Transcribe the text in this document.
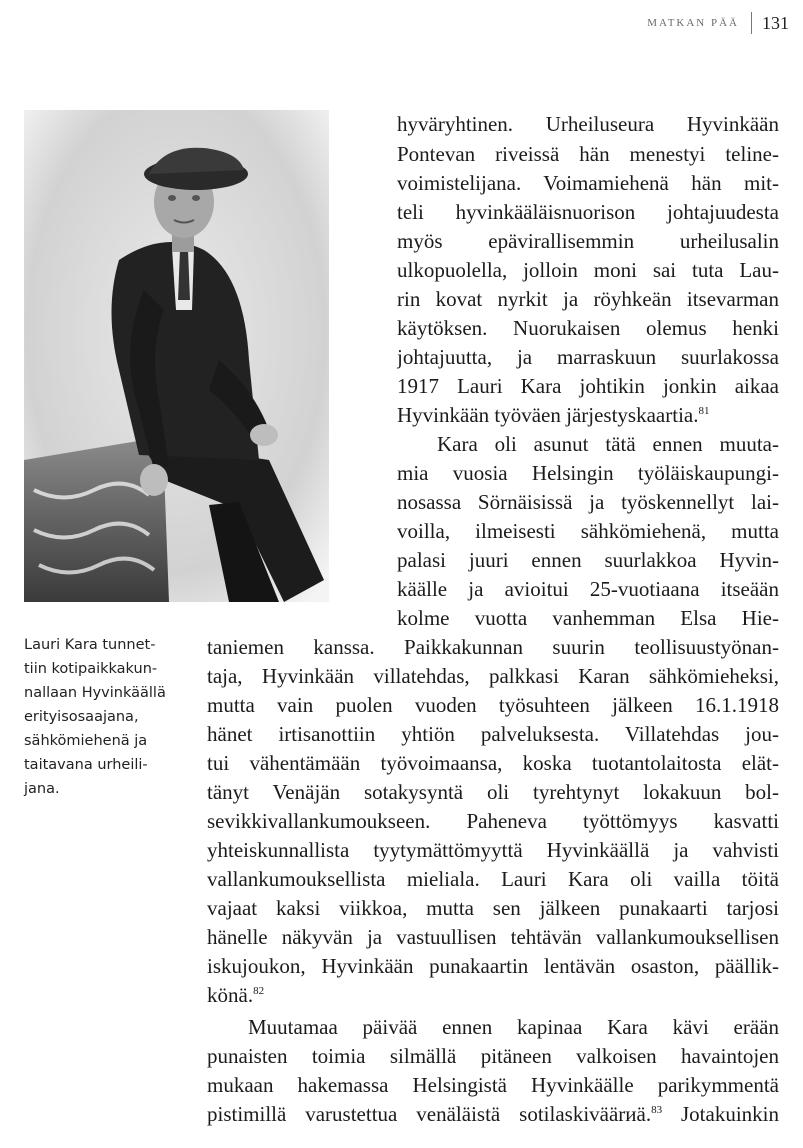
MATKAN PÄÄ 131
Lauri Kara tunnet-
tiin kotipaikkakun-
nallaan Hyvinkäällä
erityisosaajana,
sähkömiehenä ja
taitavana urheili-
jana.
hyväryhtinen. Urheiluseura Hyvinkään
Pontevan riveissä hän menestyi teline-
voimistelijana. Voimamiehenä hän mit-
teli hyvinkääläisnuorison johtajuudesta
myös epävirallisemmin urheilusalin
ulkopuolella, jolloin moni sai tuta Lau-
rin kovat nyrkit ja röyhkeän itsevarman
käytöksen. Nuorukaisen olemus henki
johtajuutta, ja marraskuun suurlakossa
1917 Lauri Kara johtikin jonkin aikaa
Hyvinkään työväen järjestyskaartia.$^{81}$
Kara oli asunut tätä ennen muuta-
mia vuosia Helsingin työläiskaupungi-
nosassa Sörnäisissä ja työskennellyt lai-
voilla, ilmeisesti sähkömiehenä, mutta
palasi juuri ennen suurlakkoa Hyvin-
käälle ja avioitui 25-vuotiaana itseään
kolme vuotta vanhemman Elsa Hie-
taniemen kanssa. Paikkakunnan suurin teollisuustyönan-
taja, Hyvinkään villatehdas, palkkasi Karan sähkömieheksi,
mutta vain puolen vuoden työsuhteen jälkeen 16.1.1918
hänet irtisanottiin yhtiön palveluksesta. Villatehdas jou-
tui vähentämään työvoimaansa, koska tuotantolaitosta elät-
tänyt Venäjän sotakysyntä oli tyrehtynyt lokakuun bol-
sevikkivallankumoukseen. Paheneva työttömyys kasvatti
yhteiskunnallista tyytymättömyyttä Hyvinkäällä ja vahvisti
vallankumouksellista mieliala. Lauri Kara oli vailla töitä
vajaat kaksi viikkoa, mutta sen jälkeen punakaarti tarjosi
hänelle näkyvän ja vastuullisen tehtävän vallankumouksellisen
iskujoukon, Hyvinkään punakaartin lentävän osaston, päällik-
könä.$^{82}$
Muutamaa päivää ennen kapinaa Kara kävi erään
punaisten toimia silmällä pitäneen valkoisen havaintojen
mukaan hakemassa Helsingistä Hyvinkäälle parikymmentä
pistimillä varustettua venäläistä sotilaskiväärиä.$^{83}$ Jotakuinkin
